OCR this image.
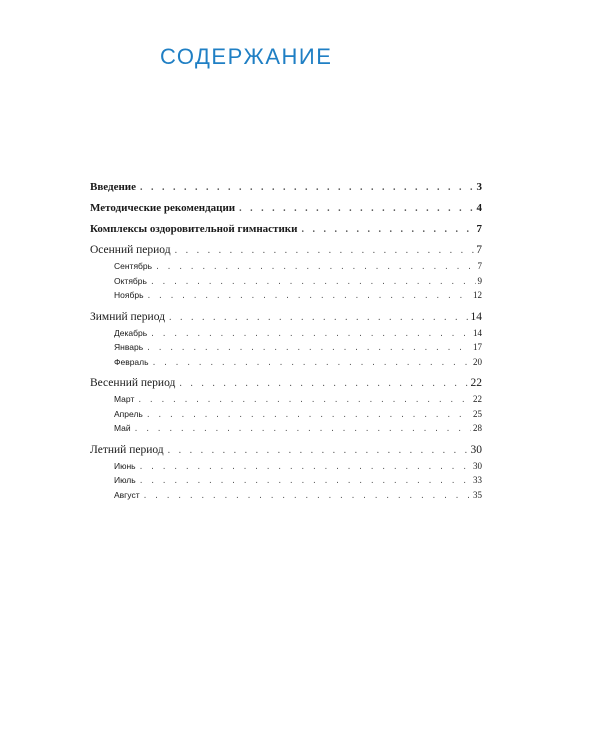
СОДЕРЖАНИЕ
Введение . . .	3
Методические рекомендации . . .	4
Комплексы оздоровительной гимнастики . . .	7
Осенний период . . .	7
Сентябрь . . .	7
Октябрь . . .	9
Ноябрь . . .	12
Зимний период . . .	14
Декабрь . . .	14
Январь . . .	17
Февраль . . .	20
Весенний период . . .	22
Март . . .	22
Апрель . . .	25
Май . . .	28
Летний период . . .	30
Июнь . . .	30
Июль . . .	33
Август . . .	35
